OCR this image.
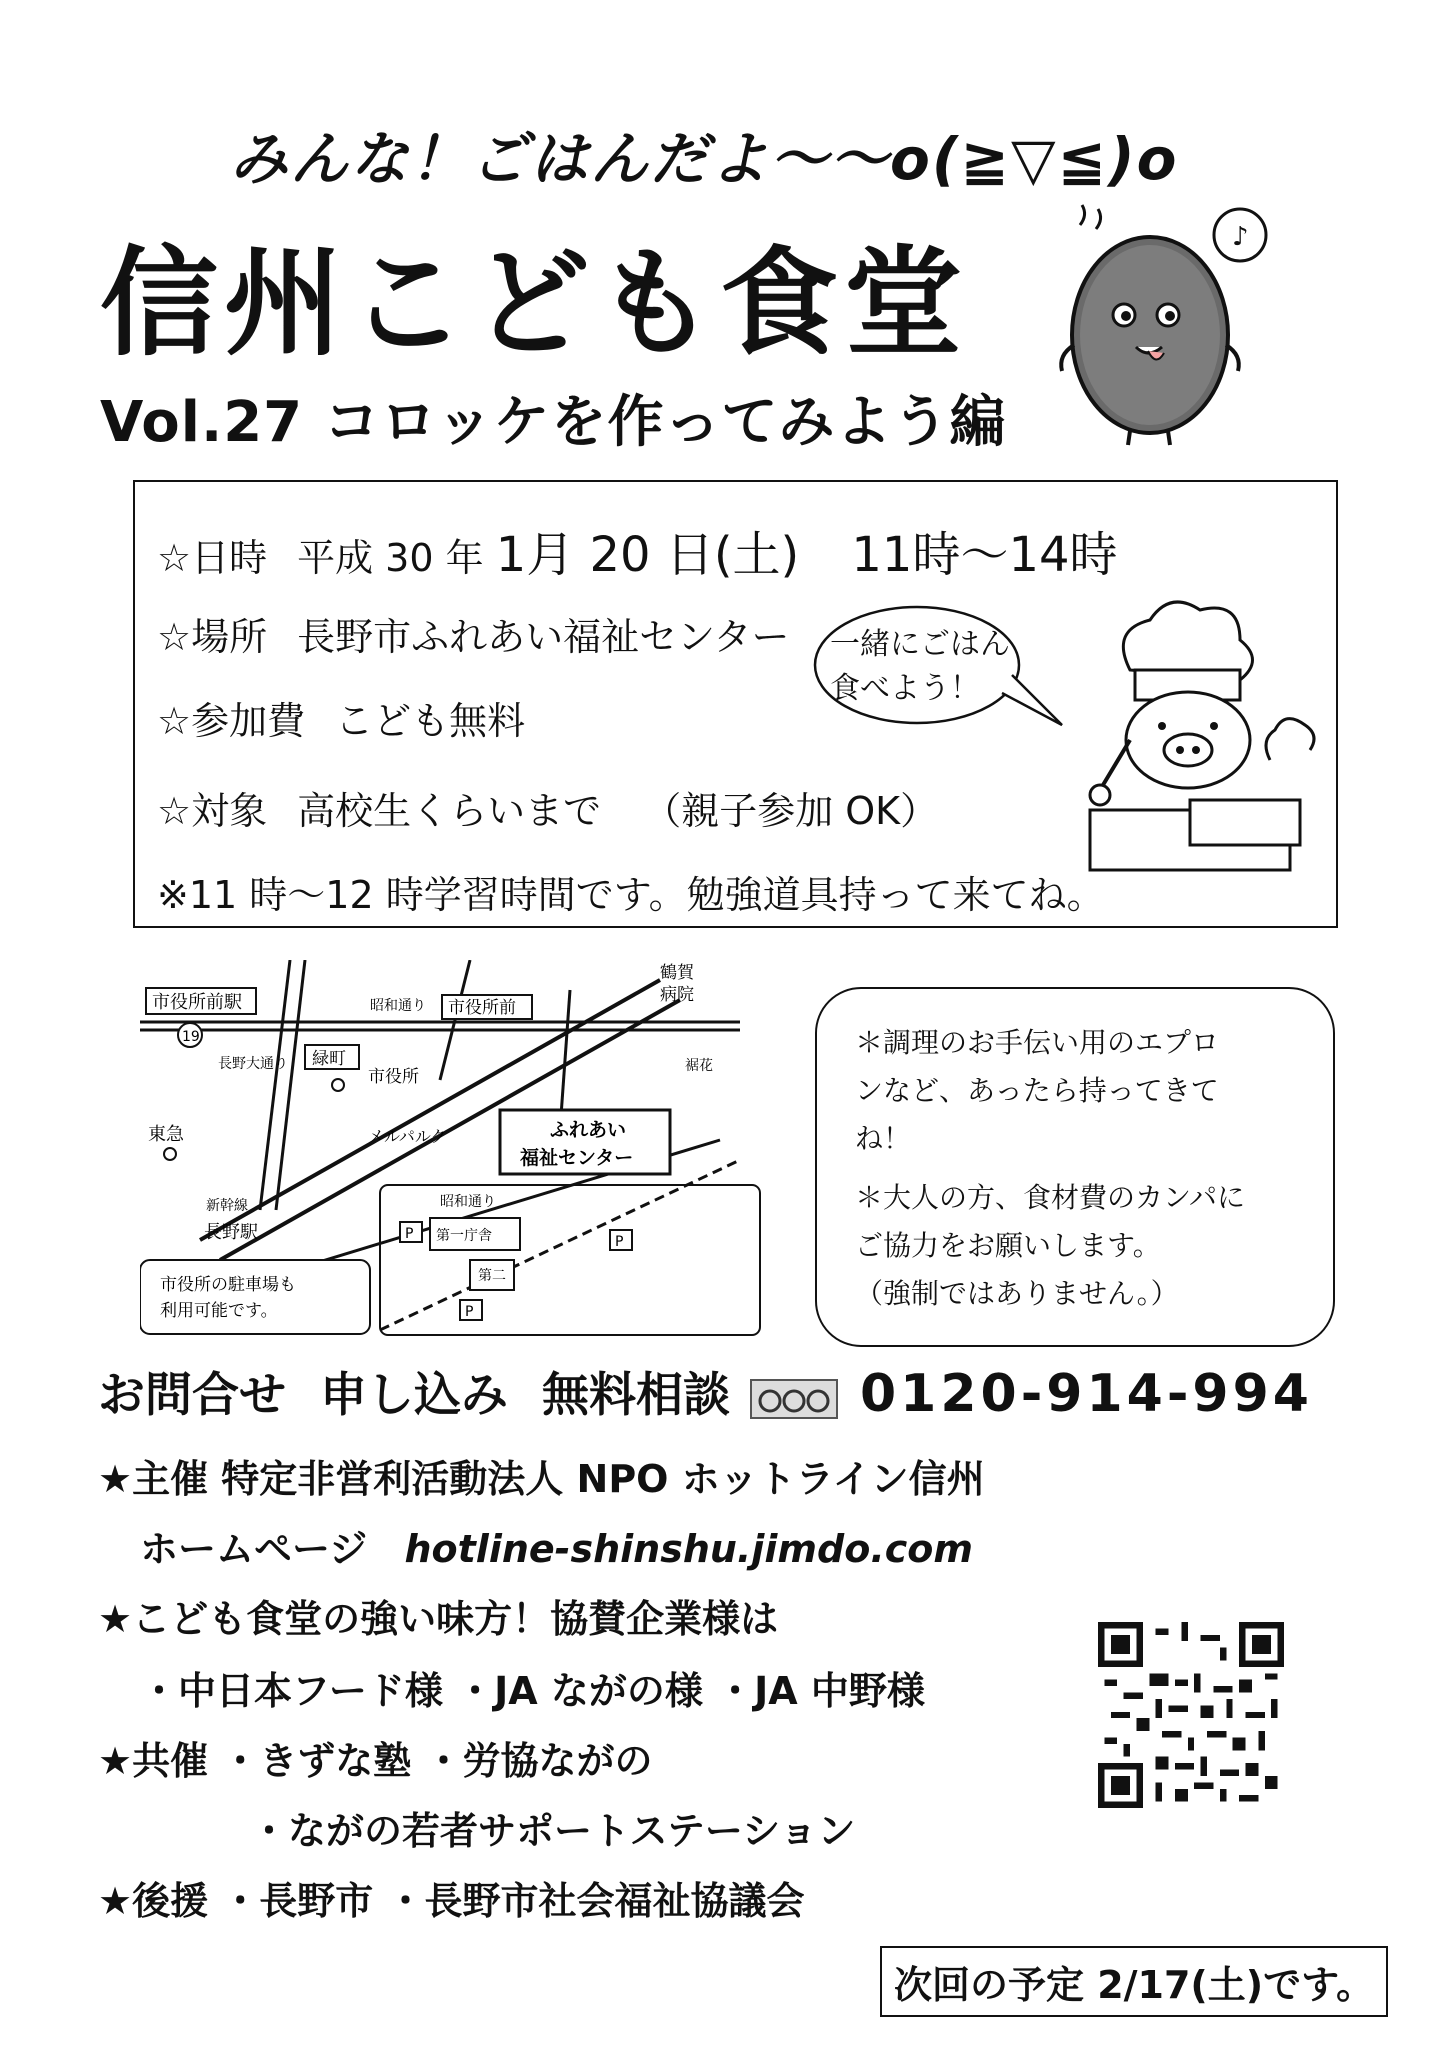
みんな！ごはんだよ〜〜o(≧▽≦)o
信州こども食堂
Vol.27 コロッケを作ってみよう編
♪
☆日時 平成 30 年 1月 20 日(土) 11時〜14時
☆場所 長野市ふれあい福祉センター
☆参加費 こども無料
☆対象 高校生くらいまで （親子参加 OK）
※11 時〜12 時学習時間です。勉強道具持って来てね。
一緒にごはん
食べよう！
市役所前駅
19
長野大通り 緑町
昭和通り 市役所前
市役所
鶴賀
病院
裾花
東急	メルパルク
新幹線
長野駅
ふれあい
福祉センター
昭和通り
P 第一庁舎
第二
P
P
市役所の駐車場も
利用可能です。
＊調理のお手伝い用のエプロ
ンなど、あったら持ってきて
ね！
＊大人の方、食材費のカンパに
ご協力をお願いします。
（強制ではありません。）
お問合せ 申し込み 無料相談	0120-914-994
★主催 特定非営利活動法人 NPO ホットライン信州
ホームページ hotline-shinshu.jimdo.com
★こども食堂の強い味方！協賛企業様は
・中日本フード様 ・JA ながの様 ・JA 中野様
★共催 ・きずな塾 ・労協ながの
・ながの若者サポートステーション
★後援 ・長野市 ・長野市社会福祉協議会
次回の予定 2/17(土)です。
